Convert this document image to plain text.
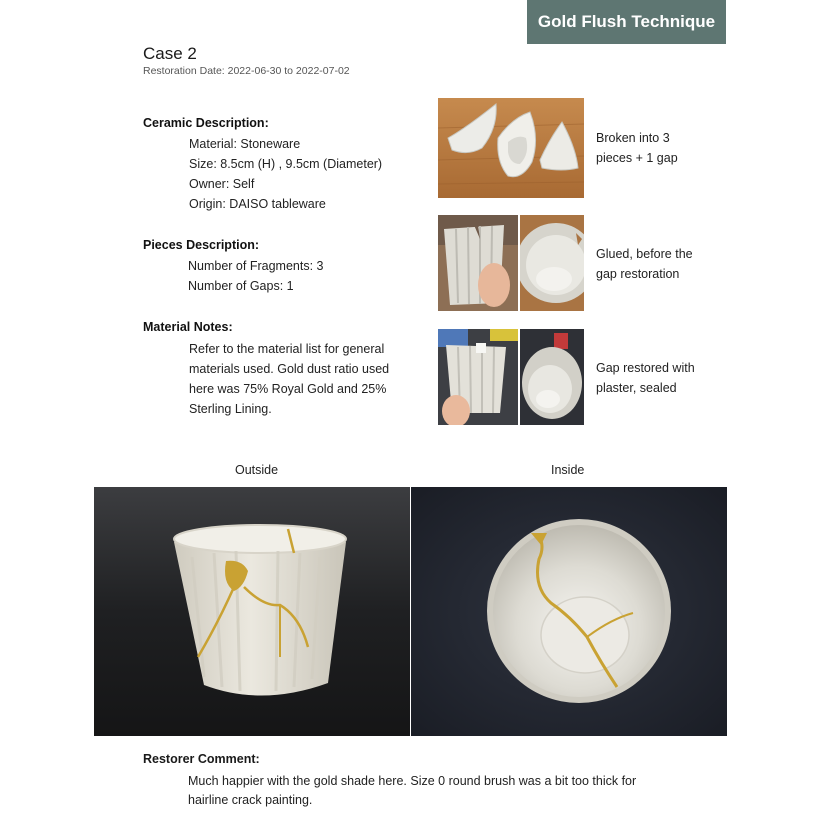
Gold Flush Technique
Case 2
Restoration Date: 2022-06-30 to 2022-07-02
Ceramic Description:
Material: Stoneware
Size: 8.5cm (H) , 9.5cm (Diameter)
Owner: Self
Origin: DAISO tableware
Pieces Description:
Number of Fragments: 3
Number of Gaps: 1
Material Notes:
Refer to the material list for general
materials used. Gold dust ratio used
here was 75% Royal Gold and 25%
Sterling Lining.
Broken into 3
pieces + 1 gap
Glued, before the
gap restoration
Gap restored with
plaster, sealed
Outside	Inside
Restorer Comment:
Much happier with the gold shade here. Size 0 round brush was a bit too thick for hairline crack painting.
